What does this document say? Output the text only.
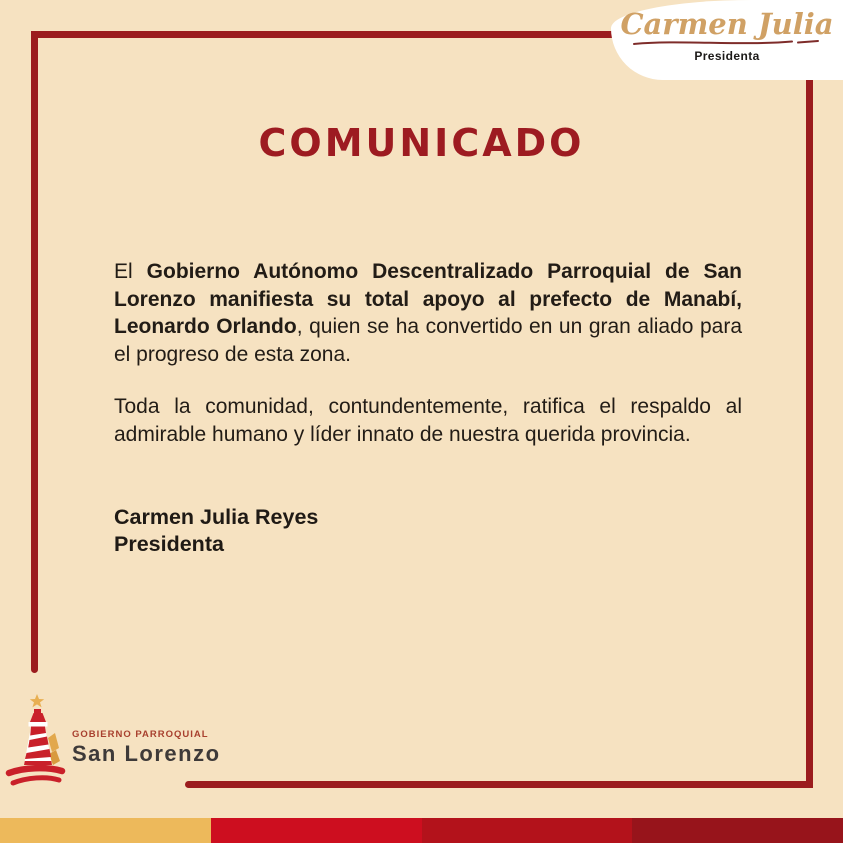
Carmen Julia
Presidenta
COMUNICADO

El Gobierno Autónomo Descentralizado Parroquial de San Lorenzo manifiesta su total apoyo al prefecto de Manabí, Leonardo Orlando, quien se ha convertido en un gran aliado para el progreso de esta zona.

Toda la comunidad, contundentemente, ratifica el respaldo al admirable humano y líder innato de nuestra querida provincia.

Carmen Julia Reyes
Presidenta
GOBIERNO PARROQUIAL
San Lorenzo
